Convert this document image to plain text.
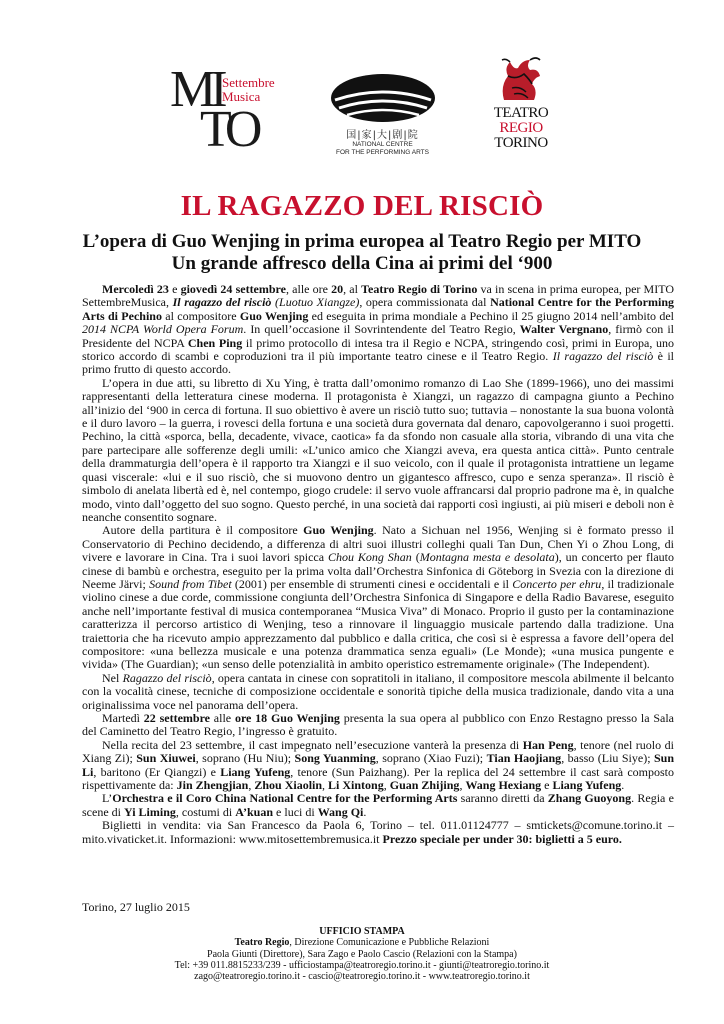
MI
TO
Settembre
Musica
国|家|大|剧|院
NATIONAL CENTRE
FOR THE PERFORMING ARTS
TEATRO
REGIO
TORINO
IL RAGAZZO DEL RISCIÒ
L’opera di Guo Wenjing in prima europea al Teatro Regio per MITO
Un grande affresco della Cina ai primi del ‘900

Mercoledì 23 e giovedì 24 settembre, alle ore 20, al Teatro Regio di Torino va in scena in prima europea, per MITO SettembreMusica, Il ragazzo del risciò (Luotuo Xiangze), opera commissionata dal National Centre for the Performing Arts di Pechino al compositore Guo Wenjing ed eseguita in prima mondiale a Pechino il 25 giugno 2014 nell’ambito del 2014 NCPA World Opera Forum. In quell’occasione il Sovrintendente del Teatro Regio, Walter Vergnano, firmò con il Presidente del NCPA Chen Ping il primo protocollo di intesa tra il Regio e NCPA, stringendo così, primi in Europa, uno storico accordo di scambi e coproduzioni tra il più importante teatro cinese e il Teatro Regio. Il ragazzo del risciò è il primo frutto di questo accordo.

L’opera in due atti, su libretto di Xu Ying, è tratta dall’omonimo romanzo di Lao She (1899-1966), uno dei massimi rappresentanti della letteratura cinese moderna. Il protagonista è Xiangzi, un ragazzo di campagna giunto a Pechino all’inizio del ‘900 in cerca di fortuna. Il suo obiettivo è avere un risciò tutto suo; tuttavia – nonostante la sua buona volontà e il duro lavoro – la guerra, i rovesci della fortuna e una società dura governata dal denaro, capovolgeranno i suoi progetti. Pechino, la città «sporca, bella, decadente, vivace, caotica» fa da sfondo non casuale alla storia, vibrando di una vita che pare partecipare alle sofferenze degli umili: «L’unico amico che Xiangzi aveva, era questa antica città». Punto centrale della drammaturgia dell’opera è il rapporto tra Xiangzi e il suo veicolo, con il quale il protagonista intrattiene un legame quasi viscerale: «lui e il suo risciò, che si muovono dentro un gigantesco affresco, cupo e senza speranza». Il risciò è simbolo di anelata libertà ed è, nel contempo, giogo crudele: il servo vuole affrancarsi dal proprio padrone ma è, in qualche modo, vinto dall’oggetto del suo sogno. Questo perché, in una società dai rapporti così ingiusti, ai più miseri e deboli non è neanche consentito sognare.

Autore della partitura è il compositore Guo Wenjing. Nato a Sichuan nel 1956, Wenjing si è formato presso il Conservatorio di Pechino decidendo, a differenza di altri suoi illustri colleghi quali Tan Dun, Chen Yi o Zhou Long, di vivere e lavorare in Cina. Tra i suoi lavori spicca Chou Kong Shan (Montagna mesta e desolata), un concerto per flauto cinese di bambù e orchestra, eseguito per la prima volta dall’Orchestra Sinfonica di Göteborg in Svezia con la direzione di Neeme Järvi; Sound from Tibet (2001) per ensemble di strumenti cinesi e occidentali e il Concerto per ehru, il tradizionale violino cinese a due corde, commissione congiunta dell’Orchestra Sinfonica di Singapore e della Radio Bavarese, eseguito anche nell’importante festival di musica contemporanea “Musica Viva” di Monaco. Proprio il gusto per la contaminazione caratterizza il percorso artistico di Wenjing, teso a rinnovare il linguaggio musicale partendo dalla tradizione. Una traiettoria che ha ricevuto ampio apprezzamento dal pubblico e dalla critica, che così si è espressa a favore dell’opera del compositore: «una bellezza musicale e una potenza drammatica senza eguali» (Le Monde); «una musica pungente e vivida» (The Guardian); «un senso delle potenzialità in ambito operistico estremamente originale» (The Independent).

Nel Ragazzo del risciò, opera cantata in cinese con sopratitoli in italiano, il compositore mescola abilmente il belcanto con la vocalità cinese, tecniche di composizione occidentale e sonorità tipiche della musica tradizionale, dando vita a una originalissima voce nel panorama dell’opera.

Martedì 22 settembre alle ore 18 Guo Wenjing presenta la sua opera al pubblico con Enzo Restagno presso la Sala del Caminetto del Teatro Regio, l’ingresso è gratuito.

Nella recita del 23 settembre, il cast impegnato nell’esecuzione vanterà la presenza di Han Peng, tenore (nel ruolo di Xiang Zi); Sun Xiuwei, soprano (Hu Niu); Song Yuanming, soprano (Xiao Fuzi); Tian Haojiang, basso (Liu Siye); Sun Li, baritono (Er Qiangzi) e Liang Yufeng, tenore (Sun Paizhang). Per la replica del 24 settembre il cast sarà composto rispettivamente da: Jin Zhengjian, Zhou Xiaolin, Li Xintong, Guan Zhijing, Wang Hexiang e Liang Yufeng.

L’Orchestra e il Coro China National Centre for the Performing Arts saranno diretti da Zhang Guoyong. Regia e scene di Yi Liming, costumi di A’kuan e luci di Wang Qi.

Biglietti in vendita: via San Francesco da Paola 6, Torino – tel. 011.01124777 – smtickets@comune.torino.it – mito.vivaticket.it. Informazioni: www.mitosettembremusica.it Prezzo speciale per under 30: biglietti a 5 euro.

Torino, 27 luglio 2015
UFFICIO STAMPA
Teatro Regio, Direzione Comunicazione e Pubbliche Relazioni
Paola Giunti (Direttore), Sara Zago e Paolo Cascio (Relazioni con la Stampa)
Tel: +39 011.8815233/239 - ufficiostampa@teatroregio.torino.it - giunti@teatroregio.torino.it
zago@teatroregio.torino.it - cascio@teatroregio.torino.it - www.teatroregio.torino.it
